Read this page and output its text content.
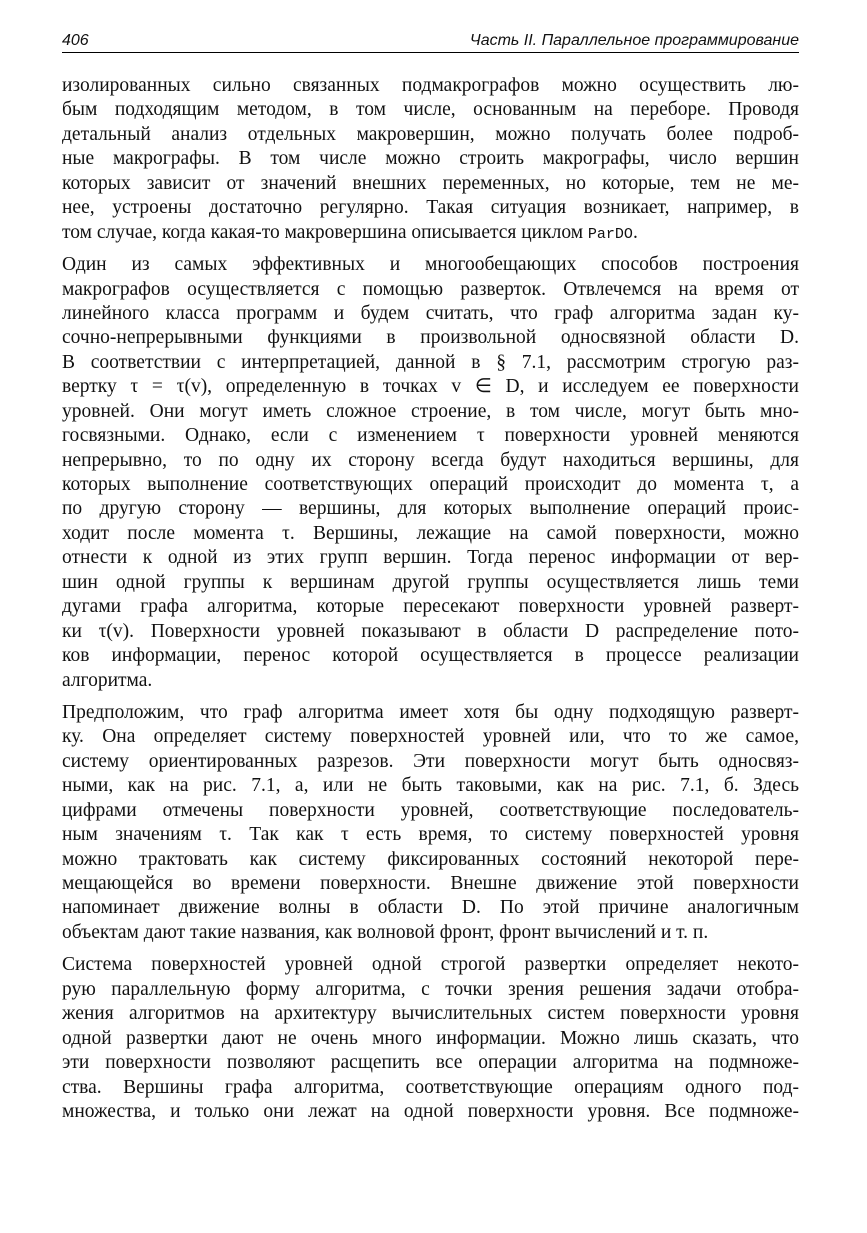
406	Часть II. Параллельное программирование
изолированных сильно связанных подмакрографов можно осуществить лю-
бым подходящим методом, в том числе, основанным на переборе. Проводя
детальный анализ отдельных макровершин, можно получать более подроб-
ные макрографы. В том числе можно строить макрографы, число вершин
которых зависит от значений внешних переменных, но которые, тем не ме-
нее, устроены достаточно регулярно. Такая ситуация возникает, например, в
том случае, когда какая-то макровершина описывается циклом ParDO.
Один из самых эффективных и многообещающих способов построения
макрографов осуществляется с помощью разверток. Отвлечемся на время от
линейного класса программ и будем считать, что граф алгоритма задан ку-
сочно-непрерывными функциями в произвольной односвязной области D.
В соответствии с интерпретацией, данной в § 7.1, рассмотрим строгую раз-
вертку τ = τ(v), определенную в точках v ∈ D, и исследуем ее поверхности
уровней. Они могут иметь сложное строение, в том числе, могут быть мно-
госвязными. Однако, если с изменением τ поверхности уровней меняются
непрерывно, то по одну их сторону всегда будут находиться вершины, для
которых выполнение соответствующих операций происходит до момента τ, а
по другую сторону — вершины, для которых выполнение операций проис-
ходит после момента τ. Вершины, лежащие на самой поверхности, можно
отнести к одной из этих групп вершин. Тогда перенос информации от вер-
шин одной группы к вершинам другой группы осуществляется лишь теми
дугами графа алгоритма, которые пересекают поверхности уровней разверт-
ки τ(v). Поверхности уровней показывают в области D распределение пото-
ков информации, перенос которой осуществляется в процессе реализации
алгоритма.
Предположим, что граф алгоритма имеет хотя бы одну подходящую разверт-
ку. Она определяет систему поверхностей уровней или, что то же самое,
систему ориентированных разрезов. Эти поверхности могут быть односвяз-
ными, как на рис. 7.1, а, или не быть таковыми, как на рис. 7.1, б. Здесь
цифрами отмечены поверхности уровней, соответствующие последователь-
ным значениям τ. Так как τ есть время, то систему поверхностей уровня
можно трактовать как систему фиксированных состояний некоторой пере-
мещающейся во времени поверхности. Внешне движение этой поверхности
напоминает движение волны в области D. По этой причине аналогичным
объектам дают такие названия, как волновой фронт, фронт вычислений и т. п.
Система поверхностей уровней одной строгой развертки определяет некото-
рую параллельную форму алгоритма, с точки зрения решения задачи отобра-
жения алгоритмов на архитектуру вычислительных систем поверхности уровня
одной развертки дают не очень много информации. Можно лишь сказать, что
эти поверхности позволяют расщепить все операции алгоритма на подмноже-
ства. Вершины графа алгоритма, соответствующие операциям одного под-
множества, и только они лежат на одной поверхности уровня. Все подмноже-
